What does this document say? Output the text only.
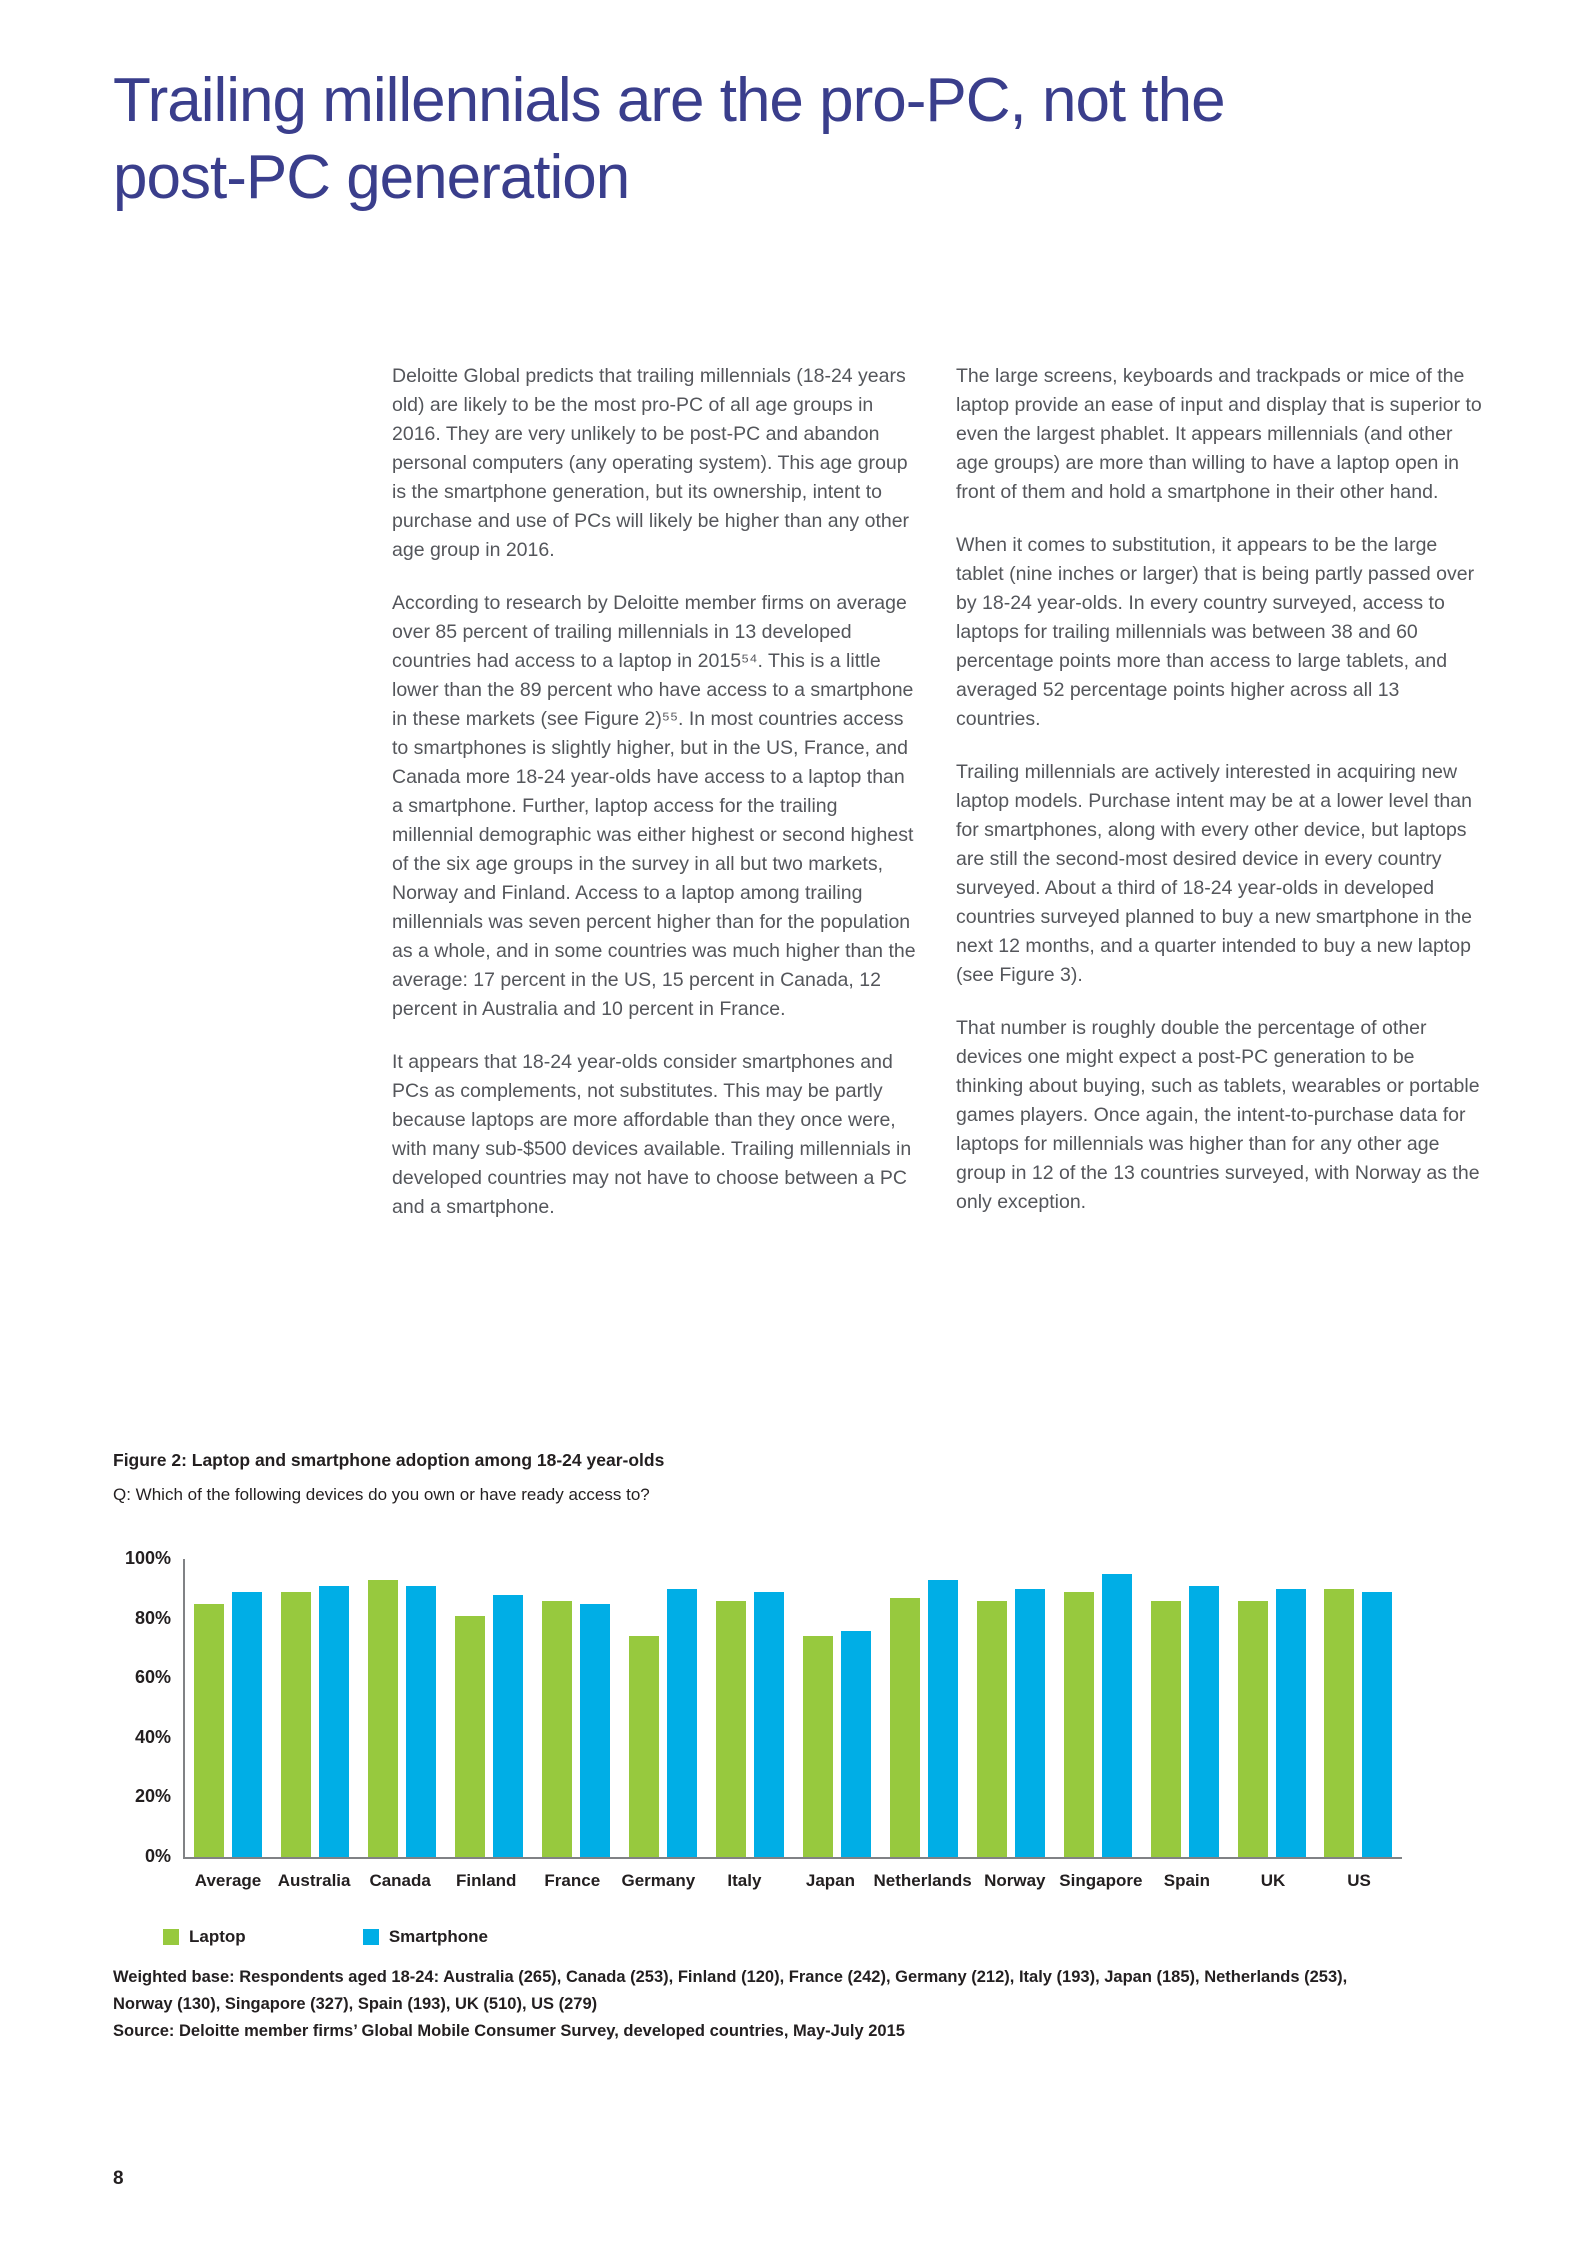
Trailing millennials are the pro-PC, not the
post-PC generation

Deloitte Global predicts that trailing millennials (18-24 years old) are likely to be the most pro-PC of all age groups in 2016. They are very unlikely to be post-PC and abandon personal computers (any operating system). This age group is the smartphone generation, but its ownership, intent to purchase and use of PCs will likely be higher than any other age group in 2016.

According to research by Deloitte member firms on average over 85 percent of trailing millennials in 13 developed countries had access to a laptop in 2015⁵⁴. This is a little lower than the 89 percent who have access to a smartphone in these markets (see Figure 2)⁵⁵. In most countries access to smartphones is slightly higher, but in the US, France, and Canada more 18-24 year-olds have access to a laptop than a smartphone. Further, laptop access for the trailing millennial demographic was either highest or second highest of the six age groups in the survey in all but two markets, Norway and Finland. Access to a laptop among trailing millennials was seven percent higher than for the population as a whole, and in some countries was much higher than the average: 17 percent in the US, 15 percent in Canada, 12 percent in Australia and 10 percent in France.

It appears that 18-24 year-olds consider smartphones and PCs as complements, not substitutes. This may be partly because laptops are more affordable than they once were, with many sub-$500 devices available. Trailing millennials in developed countries may not have to choose between a PC and a smartphone.

The large screens, keyboards and trackpads or mice of the laptop provide an ease of input and display that is superior to even the largest phablet. It appears millennials (and other age groups) are more than willing to have a laptop open in front of them and hold a smartphone in their other hand.

When it comes to substitution, it appears to be the large tablet (nine inches or larger) that is being partly passed over by 18-24 year-olds. In every country surveyed, access to laptops for trailing millennials was between 38 and 60 percentage points more than access to large tablets, and averaged 52 percentage points higher across all 13 countries.

Trailing millennials are actively interested in acquiring new laptop models. Purchase intent may be at a lower level than for smartphones, along with every other device, but laptops are still the second-most desired device in every country surveyed. About a third of 18-24 year-olds in developed countries surveyed planned to buy a new smartphone in the next 12 months, and a quarter intended to buy a new laptop (see Figure 3).

That number is roughly double the percentage of other devices one might expect a post-PC generation to be thinking about buying, such as tablets, wearables or portable games players. Once again, the intent-to-purchase data for laptops for millennials was higher than for any other age group in 12 of the 13 countries surveyed, with Norway as the only exception.

Figure 2: Laptop and smartphone adoption among 18-24 year-olds

Q: Which of the following devices do you own or have ready access to?

100%
80%
60%
40%
20%
0%
Average Australia	Canada	Finland	France	Germany	Italy	Japan	Netherlands Norway Singapore	Spain	UK	US
Laptop	Smartphone

Weighted base: Respondents aged 18-24: Australia (265), Canada (253), Finland (120), France (242), Germany (212), Italy (193), Japan (185), Netherlands (253),

Norway (130), Singapore (327), Spain (193), UK (510), US (279)

Source: Deloitte member firms’ Global Mobile Consumer Survey, developed countries, May-July 2015

8
